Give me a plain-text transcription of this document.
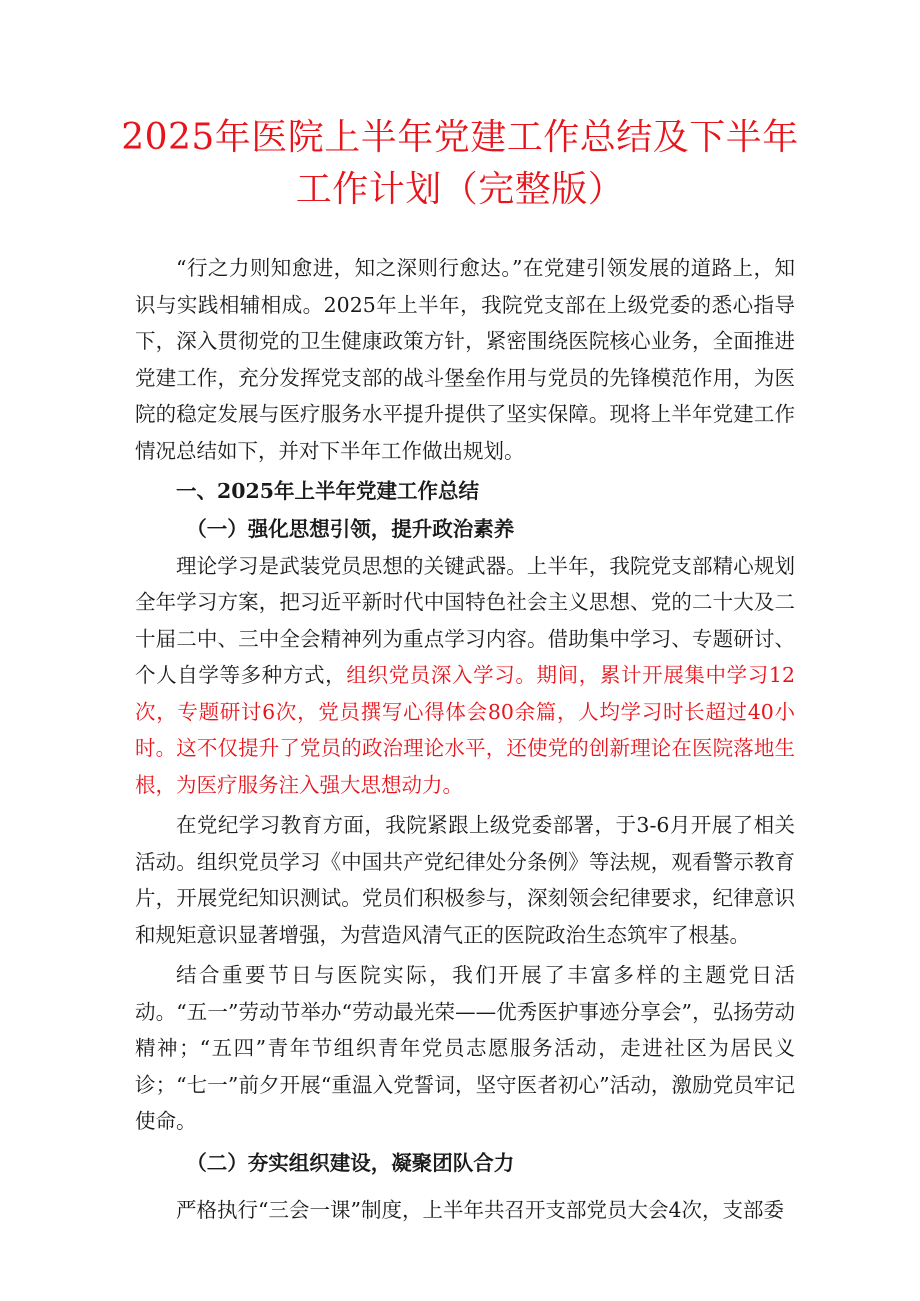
2025年医院上半年党建工作总结及下半年
工作计划（完整版）

“行之力则知愈进，知之深则行愈达。”在党建引领发展的道路上，知识与实践相辅相成。2025年上半年，我院党支部在上级党委的悉心指导下，深入贯彻党的卫生健康政策方针，紧密围绕医院核心业务，全面推进党建工作，充分发挥党支部的战斗堡垒作用与党员的先锋模范作用，为医院的稳定发展与医疗服务水平提升提供了坚实保障。现将上半年党建工作情况总结如下，并对下半年工作做出规划。

一、2025年上半年党建工作总结

（一）强化思想引领，提升政治素养

理论学习是武装党员思想的关键武器。上半年，我院党支部精心规划全年学习方案，把习近平新时代中国特色社会主义思想、党的二十大及二十届二中、三中全会精神列为重点学习内容。借助集中学习、专题研讨、个人自学等多种方式，组织党员深入学习。期间，累计开展集中学习12次，专题研讨6次，党员撰写心得体会80余篇，人均学习时长超过40小时。这不仅提升了党员的政治理论水平，还使党的创新理论在医院落地生根，为医疗服务注入强大思想动力。

在党纪学习教育方面，我院紧跟上级党委部署，于3-6月开展了相关活动。组织党员学习《中国共产党纪律处分条例》等法规，观看警示教育片，开展党纪知识测试。党员们积极参与，深刻领会纪律要求，纪律意识和规矩意识显著增强，为营造风清气正的医院政治生态筑牢了根基。

结合重要节日与医院实际，我们开展了丰富多样的主题党日活动。“五一”劳动节举办“劳动最光荣——优秀医护事迹分享会”，弘扬劳动精神；“五四”青年节组织青年党员志愿服务活动，走进社区为居民义诊；“七一”前夕开展“重温入党誓词，坚守医者初心”活动，激励党员牢记使命。

（二）夯实组织建设，凝聚团队合力

严格执行“三会一课”制度，上半年共召开支部党员大会4次，支部委
